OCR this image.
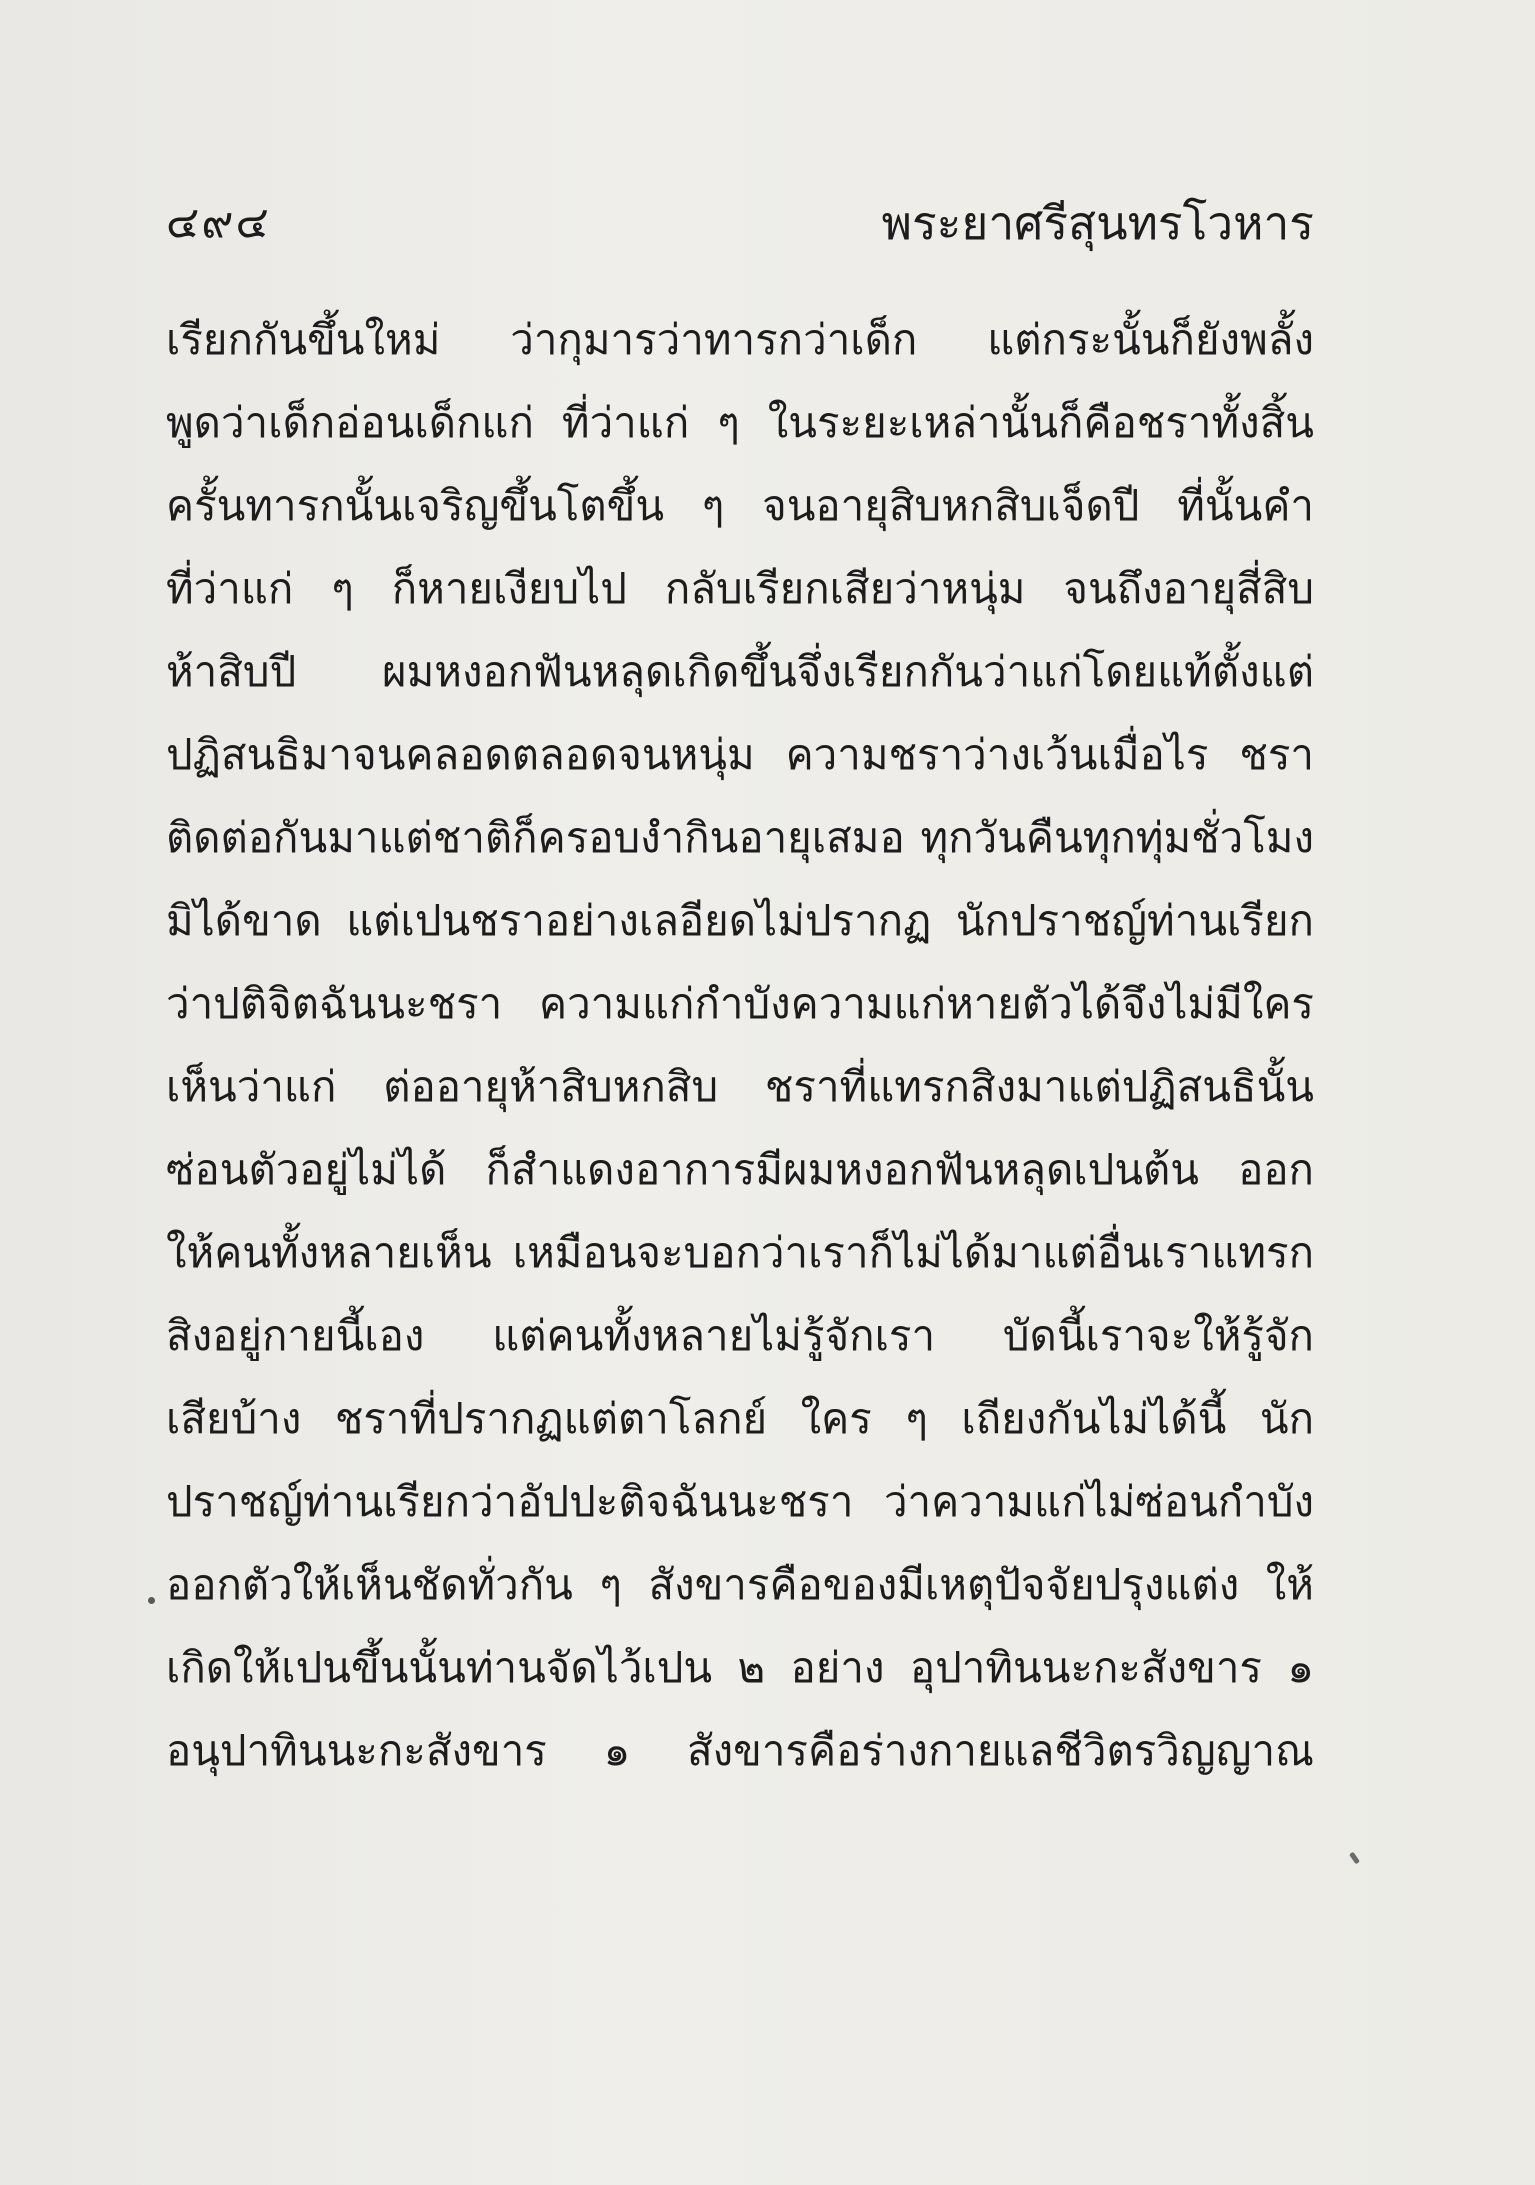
๔๙๔	พระยาศรีสุนทรโวหาร
เรียกกันขึ้นใหม่ ว่ากุมารว่าทารกว่าเด็ก แต่กระนั้นก็ยังพลั้ง
พูดว่าเด็กอ่อนเด็กแก่ ที่ว่าแก่ ๆ ในระยะเหล่านั้นก็คือชราทั้งสิ้น
ครั้นทารกนั้นเจริญขึ้นโตขึ้น ๆ จนอายุสิบหกสิบเจ็ดปี ที่นั้นคำ
ที่ว่าแก่ ๆ ก็หายเงียบไป กลับเรียกเสียว่าหนุ่ม จนถึงอายุสี่สิบ
ห้าสิบปี ผมหงอกฟันหลุดเกิดขึ้นจึ่งเรียกกันว่าแก่โดยแท้ตั้งแต่
ปฏิสนธิมาจนคลอดตลอดจนหนุ่ม ความชราว่างเว้นเมื่อไร ชรา
ติดต่อกันมาแต่ชาติก็ครอบงำกินอายุเสมอ ทุกวันคืนทุกทุ่มชั่วโมง
มิได้ขาด แต่เปนชราอย่างเลอียดไม่ปรากฏ นักปราชญ์ท่านเรียก
ว่าปติจิตฉันนะชรา ความแก่กำบังความแก่หายตัวได้จึงไม่มีใคร
เห็นว่าแก่ ต่ออายุห้าสิบหกสิบ ชราที่แทรกสิงมาแต่ปฏิสนธินั้น
ซ่อนตัวอยู่ไม่ได้ ก็สำแดงอาการมีผมหงอกฟันหลุดเปนต้น ออก
ให้คนทั้งหลายเห็น เหมือนจะบอกว่าเราก็ไม่ได้มาแต่อื่นเราแทรก
สิงอยู่กายนี้เอง แต่คนทั้งหลายไม่รู้จักเรา บัดนี้เราจะให้รู้จัก
เสียบ้าง ชราที่ปรากฏแต่ตาโลกย์ ใคร ๆ เถียงกันไม่ได้นี้ นัก
ปราชญ์ท่านเรียกว่าอัปปะติจฉันนะชรา ว่าความแก่ไม่ซ่อนกำบัง
ออกตัวให้เห็นชัดทั่วกัน ๆ สังขารคือของมีเหตุปัจจัยปรุงแต่ง ให้
เกิดให้เปนขึ้นนั้นท่านจัดไว้เปน ๒ อย่าง อุปาทินนะกะสังขาร ๑
อนุปาทินนะกะสังขาร ๑ สังขารคือร่างกายแลชีวิตรวิญญาณ
